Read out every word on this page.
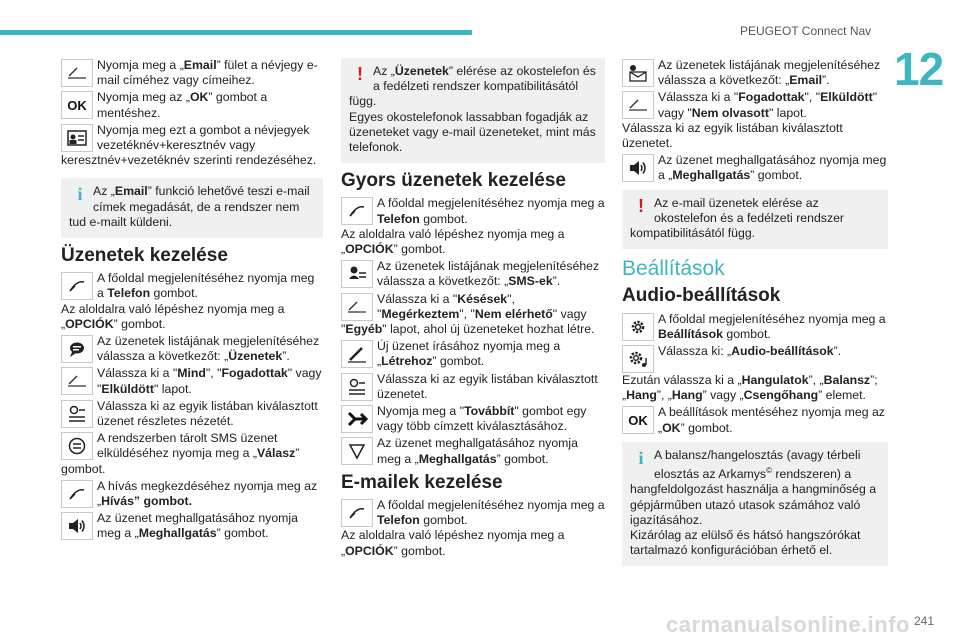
PEUGEOT Connect Nav
12
carmanualsonline.info 241
Nyomja meg a „Email” fület a névjegy e-mail címéhez vagy címeihez.
OK
Nyomja meg az „OK” gombot a mentéshez.
Nyomja meg ezt a gombot a névjegyek vezetéknév+keresztnév vagy keresztnév+vezetéknév szerinti rendezéséhez.
i Az „Email” funkció lehetővé teszi e-mail címek megadását, de a rendszer nem tud e-mailt küldeni.
Üzenetek kezelése
A főoldal megjelenítéséhez nyomja meg a Telefon gombot.
Az aloldalra való lépéshez nyomja meg a „OPCIÓK” gombot.
Az üzenetek listájának megjelenítéséhez válassza a következőt: „Üzenetek”.
Válassza ki a "Mind", "Fogadottak" vagy "Elküldött" lapot.
Válassza ki az egyik listában kiválasztott üzenet részletes nézetét.
A rendszerben tárolt SMS üzenet elküldéséhez nyomja meg a „Válasz” gombot.
A hívás megkezdéséhez nyomja meg az „Hívás” gombot.
Az üzenet meghallgatásához nyomja meg a „Meghallgatás” gombot.
! Az „Üzenetek” elérése az okostelefon és a fedélzeti rendszer kompatibilitásától függ.
Egyes okostelefonok lassabban fogadják az üzeneteket vagy e-mail üzeneteket, mint más telefonok.
Gyors üzenetek kezelése
A főoldal megjelenítéséhez nyomja meg a Telefon gombot.
Az aloldalra való lépéshez nyomja meg a „OPCIÓK” gombot.
Az üzenetek listájának megjelenítéséhez válassza a következőt: „SMS-ek”.
Válassza ki a "Késések", "Megérkeztem", "Nem elérhető" vagy "Egyéb" lapot, ahol új üzeneteket hozhat létre.
Új üzenet írásához nyomja meg a „Létrehoz” gombot.
Válassza ki az egyik listában kiválasztott üzenetet.
Nyomja meg a "Továbbít" gombot egy vagy több címzett kiválasztásához.
Az üzenet meghallgatásához nyomja meg a „Meghallgatás” gombot.
E-mailek kezelése
A főoldal megjelenítéséhez nyomja meg a Telefon gombot.
Az aloldalra való lépéshez nyomja meg a „OPCIÓK” gombot.
Az üzenetek listájának megjelenítéséhez válassza a következőt: „Email”.
Válassza ki a "Fogadottak", "Elküldött" vagy "Nem olvasott" lapot.
Válassza ki az egyik listában kiválasztott üzenetet.
Az üzenet meghallgatásához nyomja meg a „Meghallgatás” gombot.
! Az e-mail üzenetek elérése az okostelefon és a fedélzeti rendszer kompatibilitásától függ.
Beállítások
Audio-beállítások
A főoldal megjelenítéséhez nyomja meg a Beállítások gombot.
Válassza ki: „Audio-beállítások”.
Ezután válassza ki a „Hangulatok”, „Balansz”; „Hang”, „Hang” vagy „Csengőhang” elemet.
OK
A beállítások mentéséhez nyomja meg az „OK” gombot.
i A balansz/hangelosztás (avagy térbeli elosztás az Arkamys© rendszeren) a hangfeldolgozást használja a hangminőség a gépjárműben utazó utasok számához való igazításához.
Kizárólag az elülső és hátsó hangszórókat tartalmazó konfigurációban érhető el.
